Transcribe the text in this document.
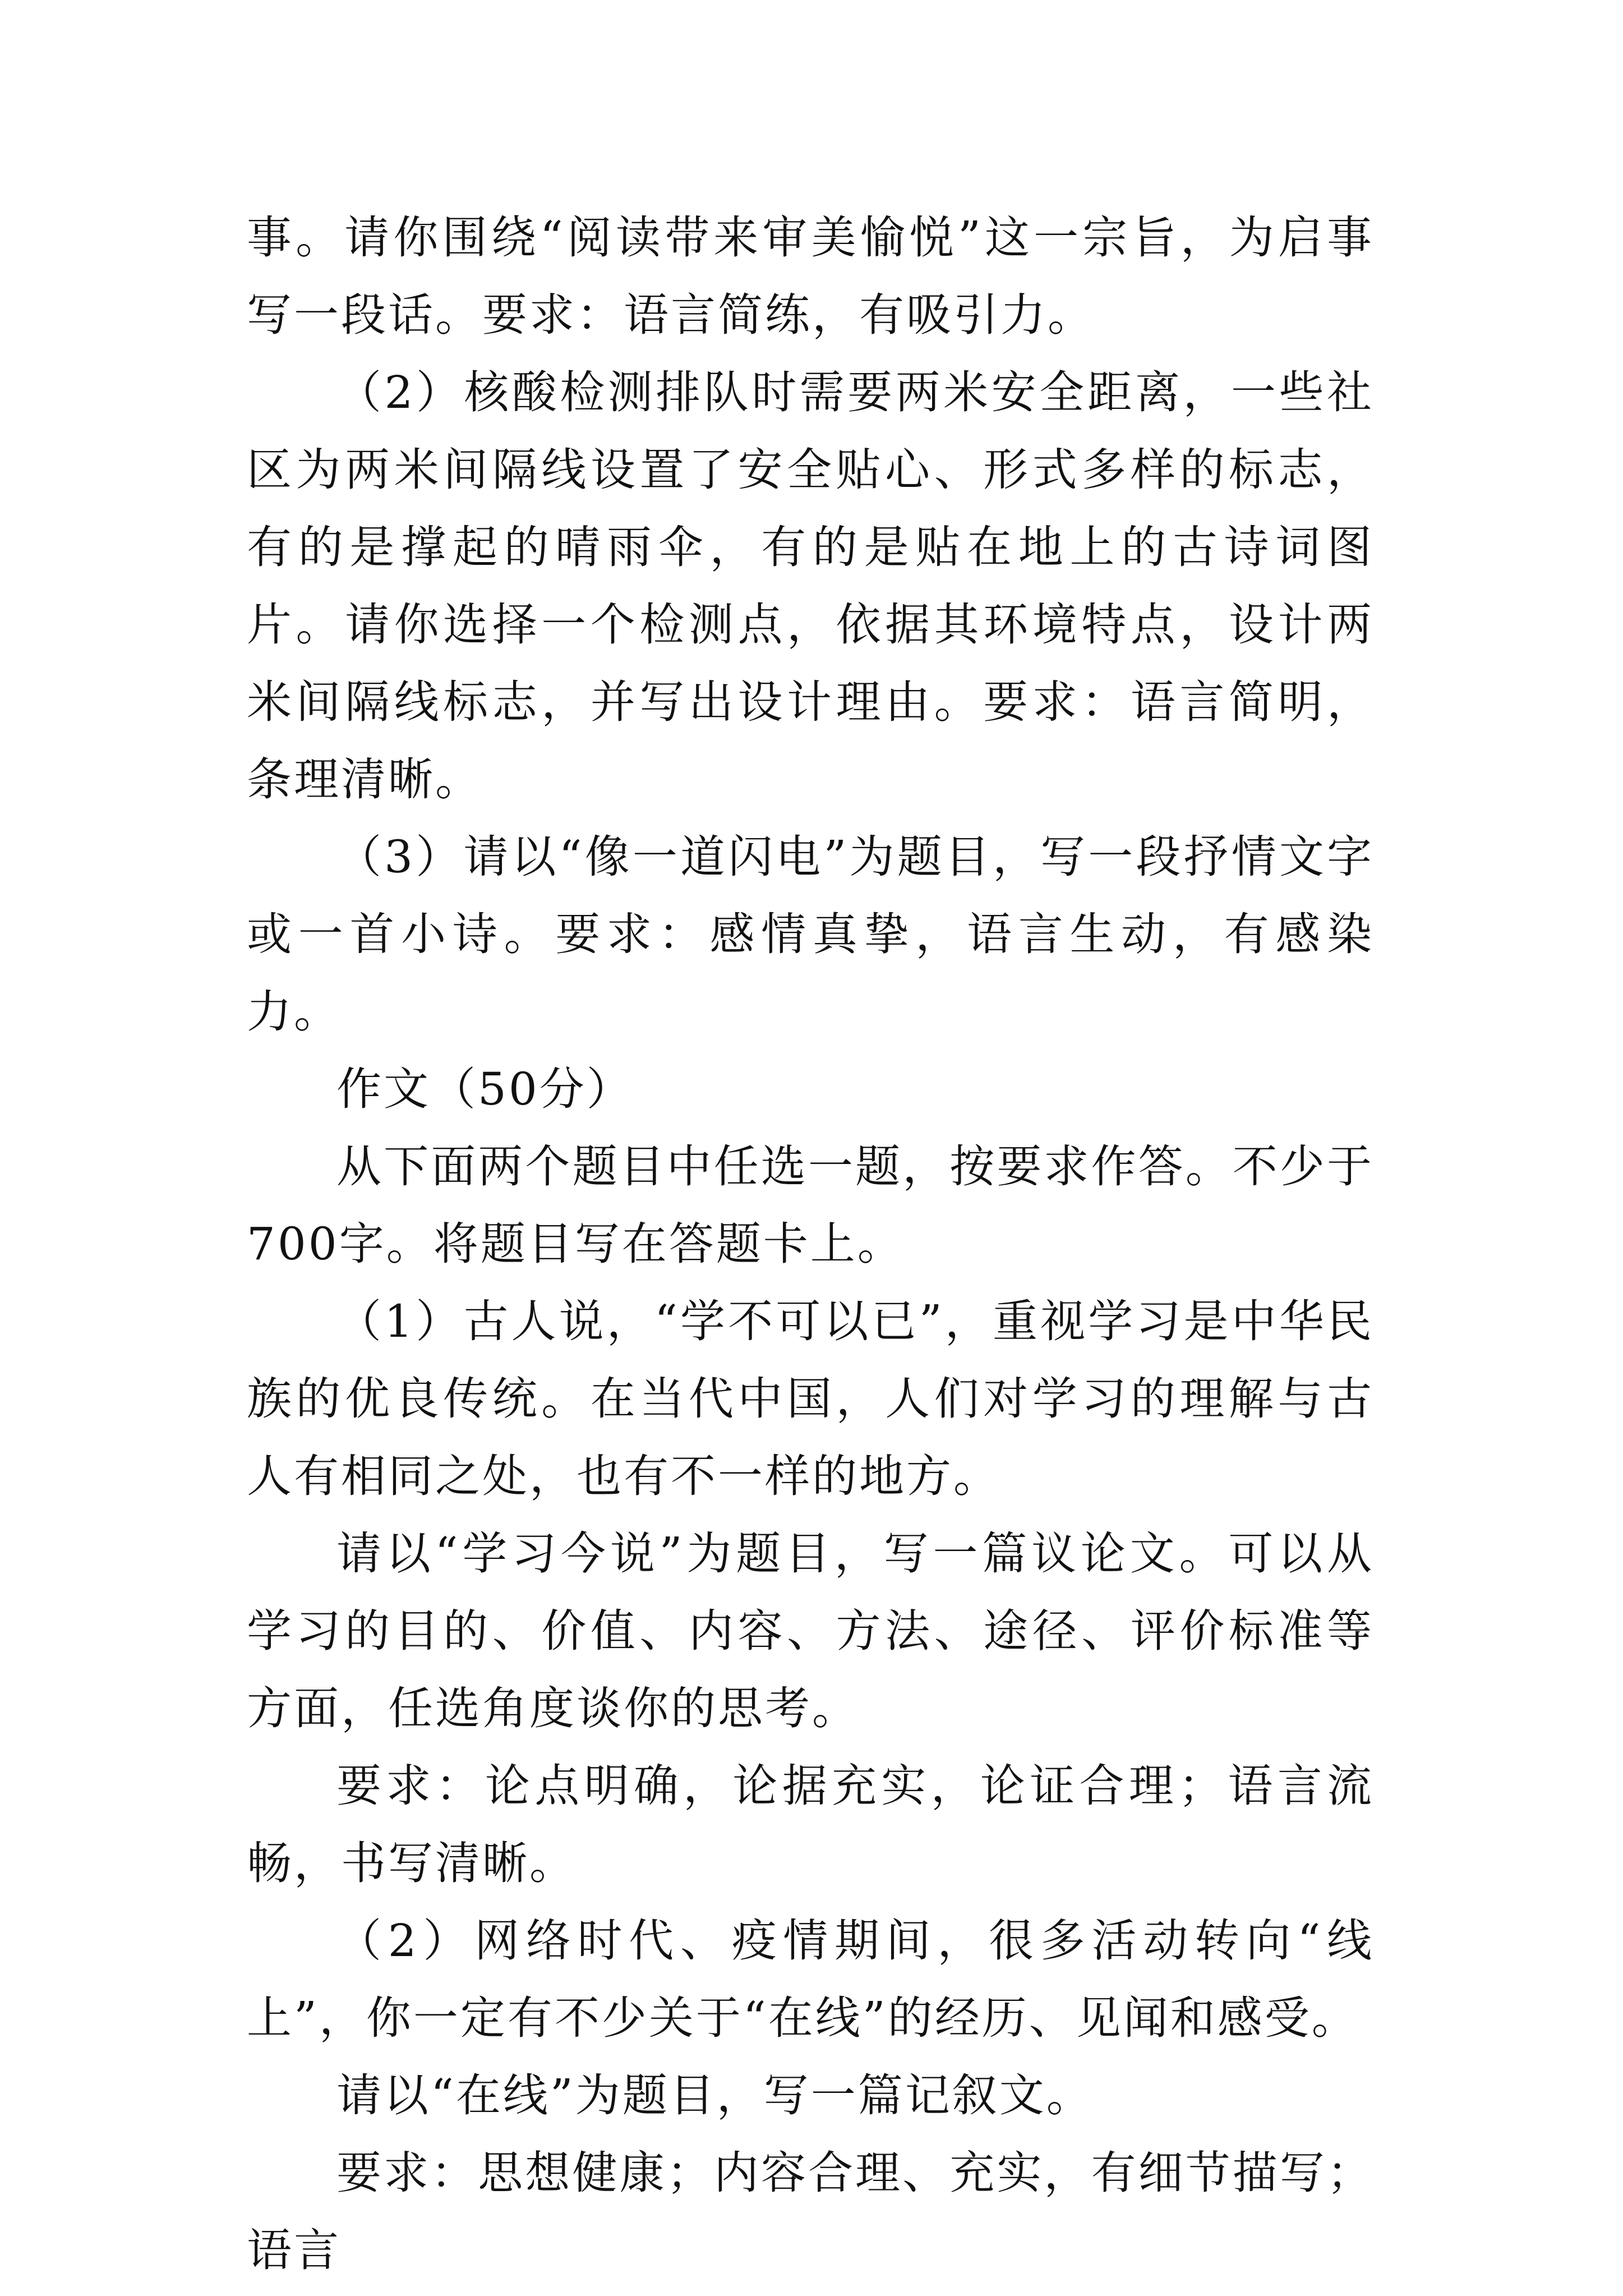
事。请你围绕“阅读带来审美愉悦”这一宗旨，为启事写一段话。要求：语言简练，有吸引力。

（2）核酸检测排队时需要两米安全距离，一些社区为两米间隔线设置了安全贴心、形式多样的标志，有的是撑起的晴雨伞，有的是贴在地上的古诗词图片。请你选择一个检测点，依据其环境特点，设计两米间隔线标志，并写出设计理由。要求：语言简明，条理清晰。

（3）请以“像一道闪电”为题目，写一段抒情文字或一首小诗。要求：感情真挚，语言生动，有感染力。

作文（50分）

从下面两个题目中任选一题，按要求作答。不少于700字。将题目写在答题卡上。

（1）古人说，“学不可以已”，重视学习是中华民族的优良传统。在当代中国，人们对学习的理解与古人有相同之处，也有不一样的地方。

请以“学习今说”为题目，写一篇议论文。可以从学习的目的、价值、内容、方法、途径、评价标准等方面，任选角度谈你的思考。

要求：论点明确，论据充实，论证合理；语言流畅，书写清晰。

（2）网络时代、疫情期间，很多活动转向“线上”，你一定有不少关于“在线”的经历、见闻和感受。

请以“在线”为题目，写一篇记叙文。

要求：思想健康；内容合理、充实，有细节描写；语言
